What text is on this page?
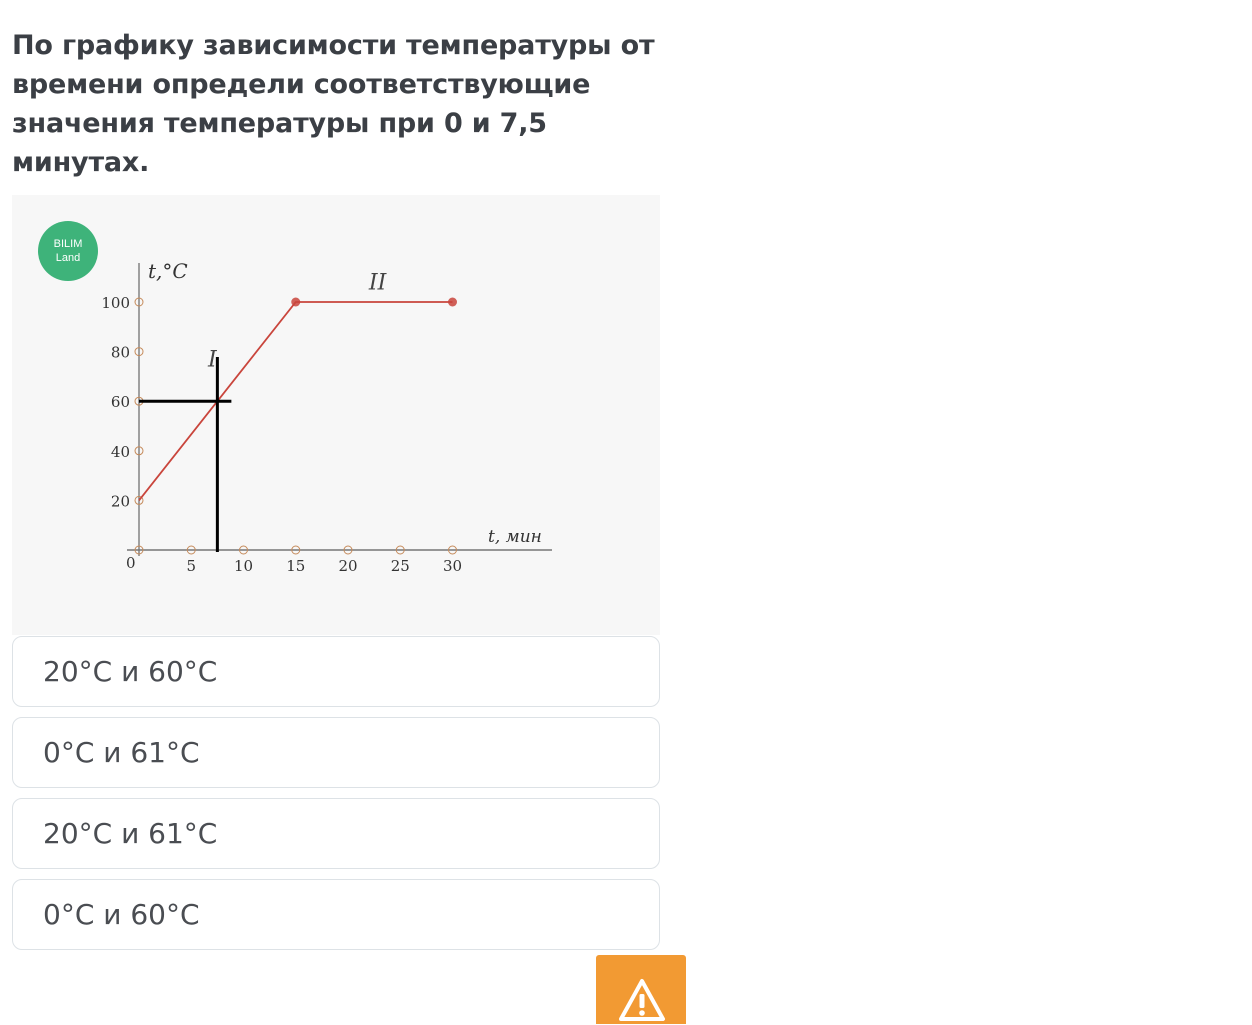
По графику зависимости температуры от
времени определи соответствующие
значения температуры при 0 и 7,5
минутах.
BILIM
Land
t,°C
t, мин
0	5	10 15 20 25 30
20
40
60
80
100
I
II
20°C и 60°C
0°C и 61°C
20°C и 61°C
0°C и 60°C
